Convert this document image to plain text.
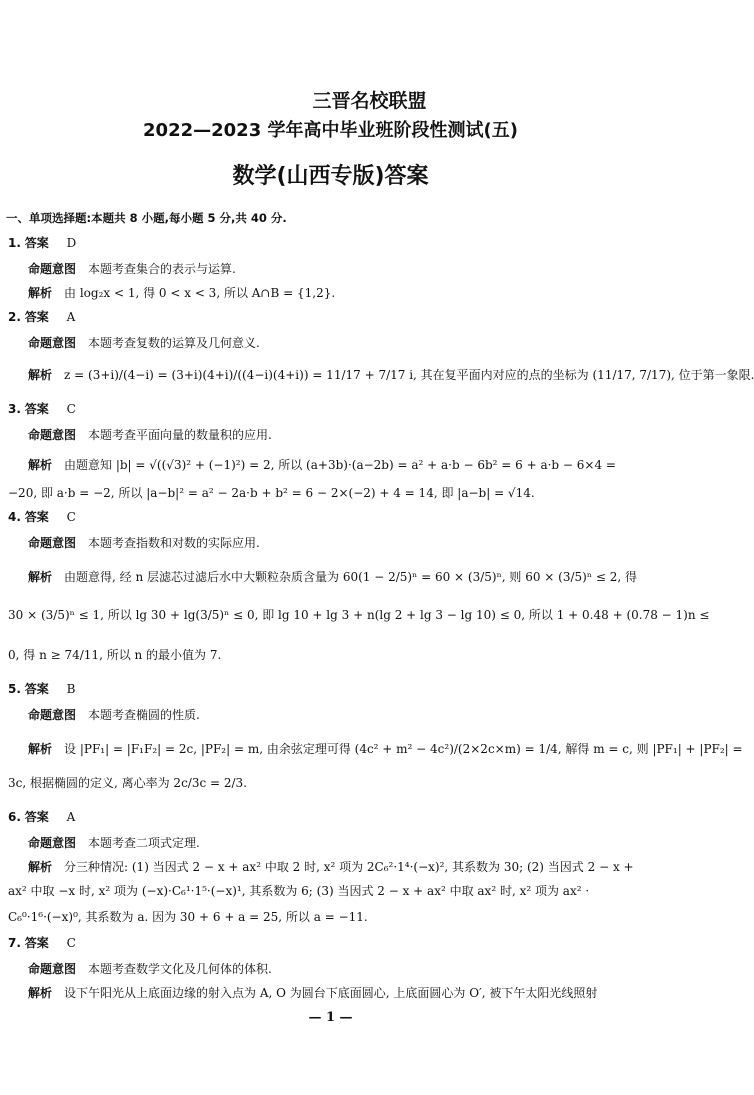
三晋名校联盟
2022—2023 学年高中毕业班阶段性测试(五)
数学(山西专版)答案
一、单项选择题:本题共 8 小题,每小题 5 分,共 40 分.
1. 答案 D
命题意图 本题考查集合的表示与运算.
解析 由 log₂x < 1, 得 0 < x < 3, 所以 A∩B = {1,2}.
2. 答案 A
命题意图 本题考查复数的运算及几何意义.
解析 z = (3+i)/(4−i) = (3+i)(4+i)/((4−i)(4+i)) = 11/17 + 7/17 i, 其在复平面内对应的点的坐标为 (11/17, 7/17), 位于第一象限.
3. 答案 C
命题意图 本题考查平面向量的数量积的应用.
解析 由题意知 |b| = √((√3)² + (−1)²) = 2, 所以 (a+3b)·(a−2b) = a² + a·b − 6b² = 6 + a·b − 6×4 =
−20, 即 a·b = −2, 所以 |a−b|² = a² − 2a·b + b² = 6 − 2×(−2) + 4 = 14, 即 |a−b| = √14.
4. 答案 C
命题意图 本题考查指数和对数的实际应用.
解析 由题意得, 经 n 层滤芯过滤后水中大颗粒杂质含量为 60(1 − 2/5)ⁿ = 60 × (3/5)ⁿ, 则 60 × (3/5)ⁿ ≤ 2, 得
30 × (3/5)ⁿ ≤ 1, 所以 lg 30 + lg(3/5)ⁿ ≤ 0, 即 lg 10 + lg 3 + n(lg 2 + lg 3 − lg 10) ≤ 0, 所以 1 + 0.48 + (0.78 − 1)n ≤
0, 得 n ≥ 74/11, 所以 n 的最小值为 7.
5. 答案 B
命题意图 本题考查椭圆的性质.
解析 设 |PF₁| = |F₁F₂| = 2c, |PF₂| = m, 由余弦定理可得 (4c² + m² − 4c²)/(2×2c×m) = 1/4, 解得 m = c, 则 |PF₁| + |PF₂| =
3c, 根据椭圆的定义, 离心率为 2c/3c = 2/3.
6. 答案 A
命题意图 本题考查二项式定理.
解析 分三种情况: (1) 当因式 2 − x + ax² 中取 2 时, x² 项为 2C₆²·1⁴·(−x)², 其系数为 30; (2) 当因式 2 − x +
ax² 中取 −x 时, x² 项为 (−x)·C₆¹·1⁵·(−x)¹, 其系数为 6; (3) 当因式 2 − x + ax² 中取 ax² 时, x² 项为 ax² ·
C₆⁰·1⁶·(−x)⁰, 其系数为 a. 因为 30 + 6 + a = 25, 所以 a = −11.
7. 答案 C
命题意图 本题考查数学文化及几何体的体积.
解析 设下午阳光从上底面边缘的射入点为 A, O 为圆台下底面圆心, 上底面圆心为 O′, 被下午太阳光线照射
— 1 —
